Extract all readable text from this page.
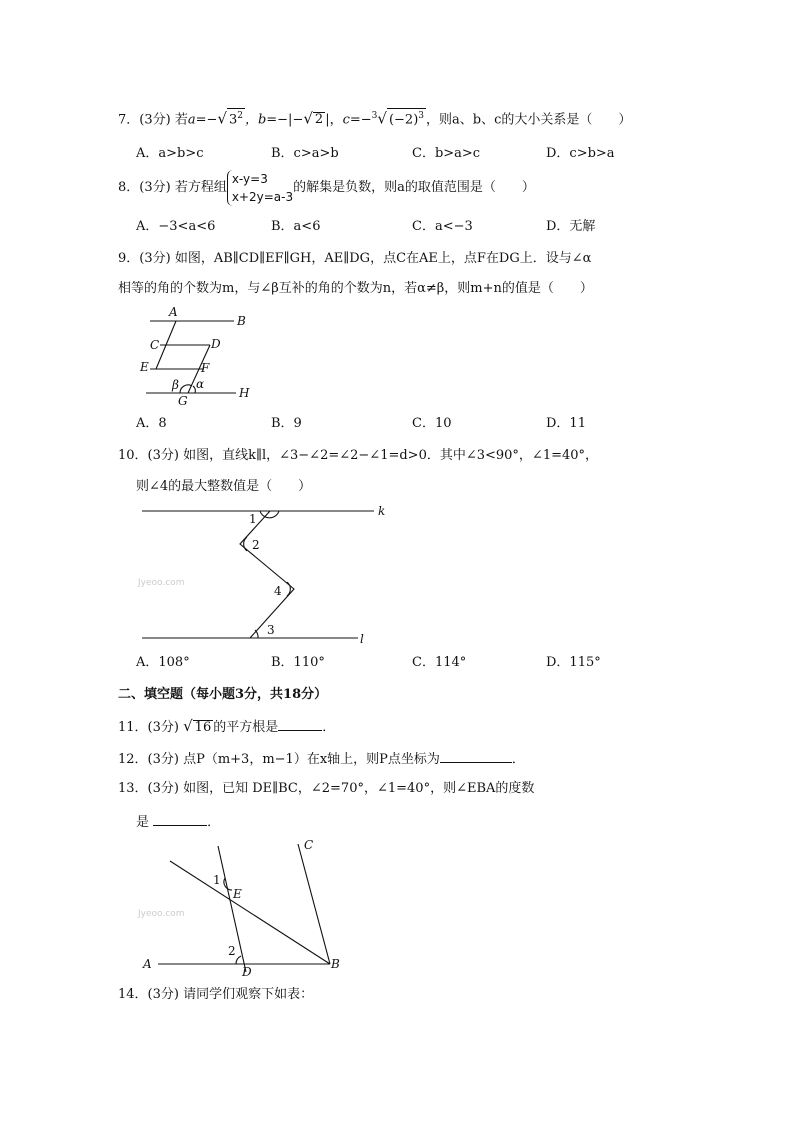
7．(3分) 若a=−√ $3^2$ ，b=−|−√ 2 |，c=−$^3$√ $(-2)^3$ ，则a、b、c的大小关系是（　　）
A．a>b>c	B．c>a>b	C．b>a>c	D．c>b>a
8．(3分) 若方程组x-y=3
x+2y=a-3的解集是负数，则a的取值范围是（　　）
A．−3<a<6	B．a<6	C．a<−3	D．无解
9．(3分) 如图，AB∥CD∥EF∥GH，AE∥DG，点C在AE上，点F在DG上．设与∠α
相等的角的个数为m，与∠β互补的角的个数为n，若α≠β，则m+n的值是（　　）
A
B
C	D
E	F
G
H
β α
A．8	B．9	C．10	D．11
10．(3分) 如图，直线k∥l，∠3−∠2=∠2−∠1=d>0．其中∠3<90°，∠1=40°，
则∠4的最大整数值是（　　）
Jyeoo.com
k
l
1
2
4
3
A．108°	B．110°	C．114°	D．115°
二、填空题（每小题3分，共18分）
11．(3分) √ 16 的平方根是	．
12．(3分) 点P（m+3，m−1）在x轴上，则P点坐标为	．
13．(3分) 如图，已知 DE∥BC，∠2=70°，∠1=40°，则∠EBA的度数
是	．
Jyeoo.com
A	B
C
D
E
1
2
14．(3分) 请同学们观察下如表：
